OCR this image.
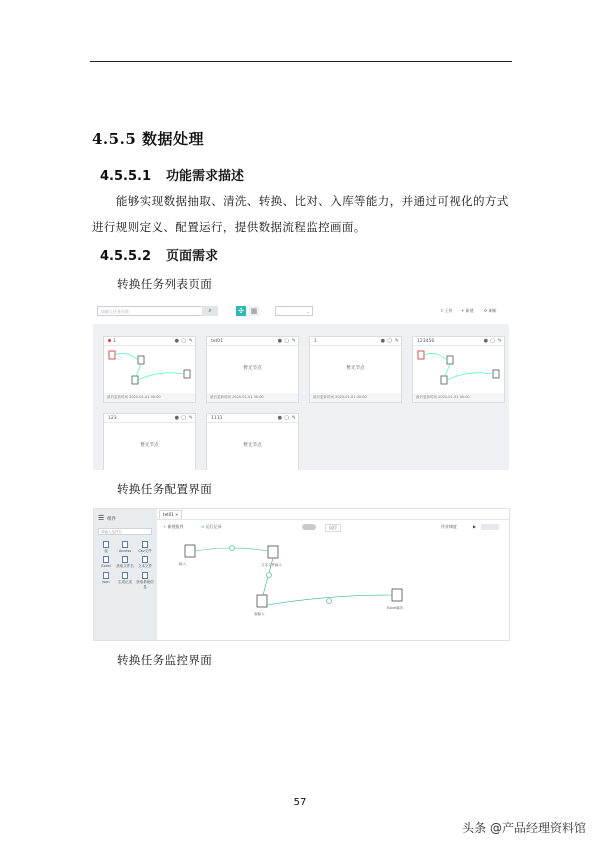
4.5.5 数据处理
4.5.5.1 功能需求描述
能够实现数据抽取、清洗、转换、比对、入库等能力，并通过可视化的方式进行规则定义、配置运行，提供数据流程监控画面。
4.5.5.2 页面需求
转换任务列表页面
请输入任务名称	⌕	✣ ▦	⌄	⇧ 上传 + 新建	⟳ 刷新
1	● ▢ ✎
最后更新时间 2020-01-01 00:00
tet01	● ▢ ✎
暂无节点
最后更新时间 2020-01-01 00:00
1	● ▢ ✎
暂无节点
最后更新时间 2020-01-01 00:00
123456	● ▢ ✎
最后更新时间 2020-01-01 00:00
123	● ▢ ✎
暂无节点
1111	● ▢ ✎
暂无节点
转换任务配置界面
☰ 组件
请输入组件名
表	Access	Csv文件
Excel	获取文件名	文本文件
Json	生成记录	获取系统信息
tet01 ×
+ 新建组件	⊖ 运行记录	运行	作业调度	▶
输入	文本文件输入
表输入
Excel输出
转换任务监控界面
57
头条 @产品经理资料馆
